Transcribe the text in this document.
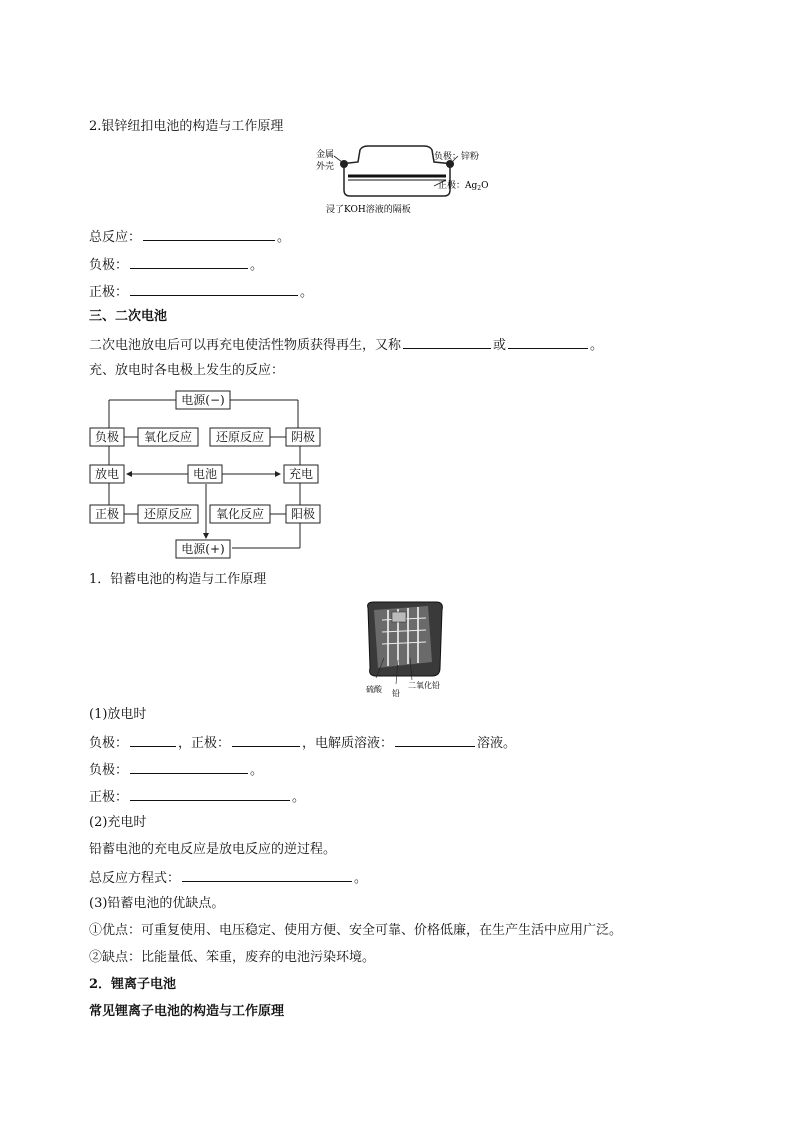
2.银锌纽扣电池的构造与工作原理
金属
外壳
负极：锌粉
正极：$Ag_2O$
浸了KOH溶液的隔板
总反应：	。
负极：	。
正极：	。
三、二次电池
二次电池放电后可以再充电使活性物质获得再生，又称	或	。
充、放电时各电极上发生的反应：
电源(−)
负极 氧化反应 还原反应 阴极
放电	电池	充电
正极 还原反应 氧化反应 阳极
电源(+)
1．铅蓄电池的构造与工作原理
硫酸 铅
二氧化铅
(1)放电时
负极：	，正极：	，电解质溶液：	溶液。
负极：	。
正极：	。
(2)充电时
铅蓄电池的充电反应是放电反应的逆过程。
总反应方程式：	。
(3)铅蓄电池的优缺点。
①优点：可重复使用、电压稳定、使用方便、安全可靠、价格低廉，在生产生活中应用广泛。
②缺点：比能量低、笨重，废弃的电池污染环境。
2．锂离子电池
常见锂离子电池的构造与工作原理
